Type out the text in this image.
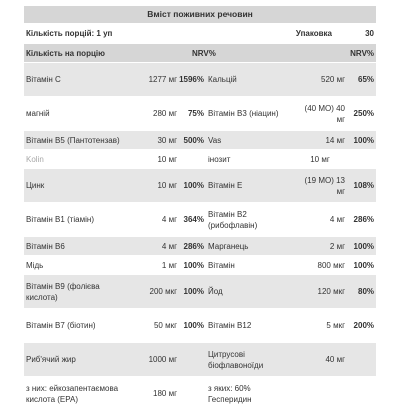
Вміст поживних речовин					
Кількість порцій: 1 уп			Упаковка		30
Кількість на порцію		NRV%		NRV%	
Вітамін С	1277 мг	1596%	Кальцій	520 мг	65%
магній	280 мг	75%	Вітамін B3 (ніацин)	(40 МО) 40 мг	250%
Вітамін B5 (Пантотензав)	30 мг	500%	Vas	14 мг	100%
Kolin	10 мг		інозит	10 мг	
Цинк	10 мг	100%	Вітамін E	(19 МО) 13 мг	108%
Вітамін B1 (тіамін)	4 мг	364%	Вітамін B2 (рибофлавін)	4 мг	286%
Вітамін B6	4 мг	286%	Марганець	2 мг	100%
Мідь	1 мг	100%	Вітамін	800 мкг	100%
Вітамін B9 (фолієва кислота)	200 мкг	100%	Йод	120 мкг	80%
Вітамін B7 (біотин)	50 мкг	100%	Вітамін B12	5 мкг	200%
Риб'ячий жир	1000 мг		Цитрусові біофлавоноїди	40 мг	
з них: ейкозапентаємова кислота (EPA)	180 мг		з яких: 60% Гесперидин		
